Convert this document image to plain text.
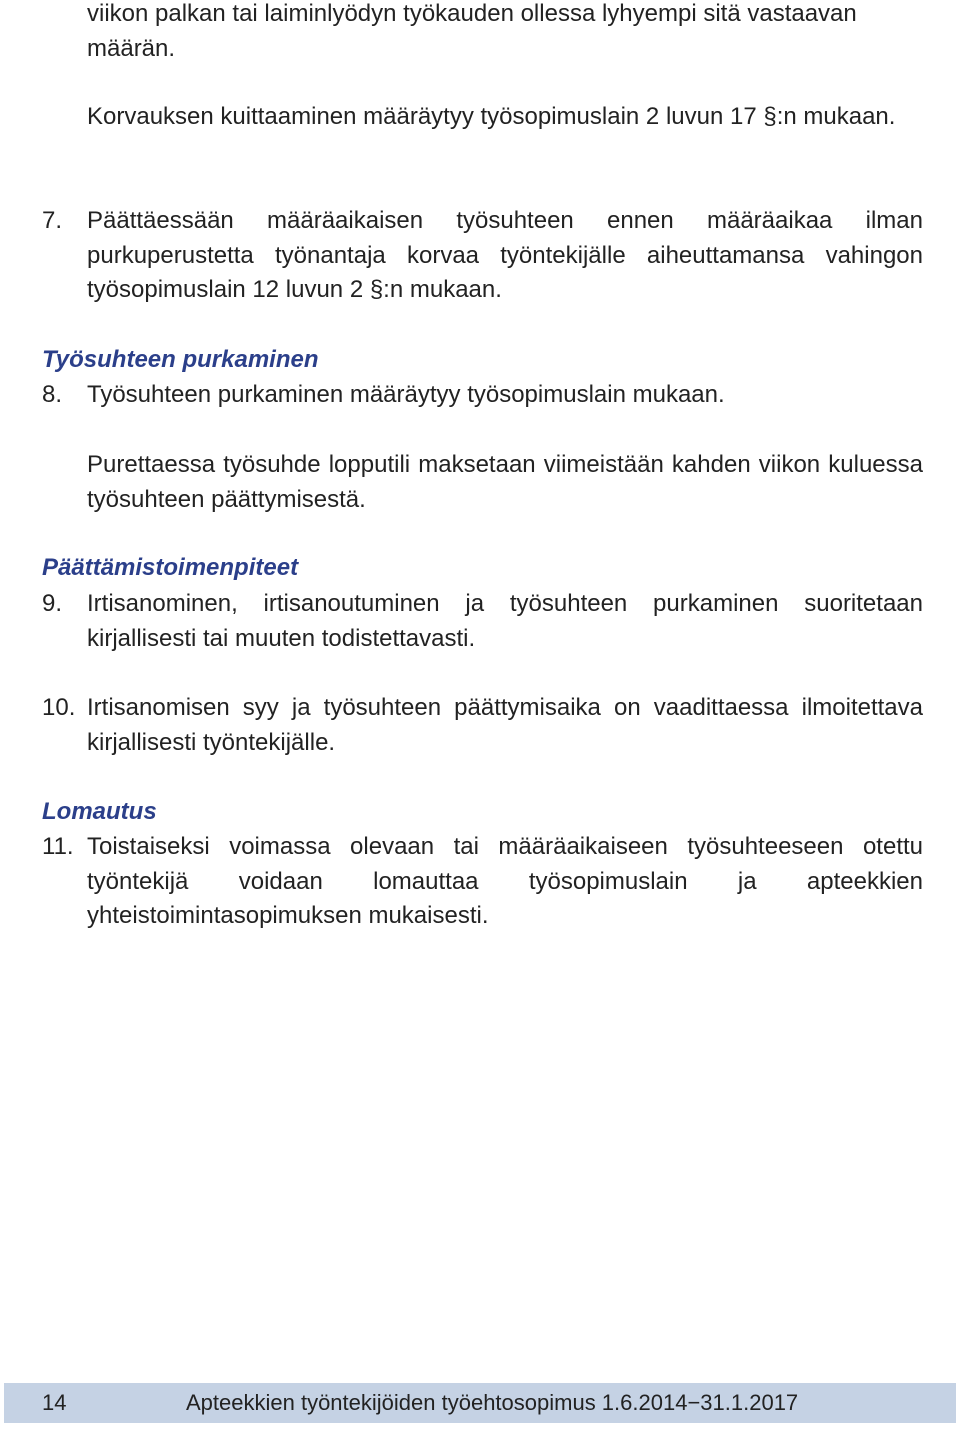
viikon palkan tai laiminlyödyn työkauden ollessa lyhyempi sitä vastaavan määrän.

Korvauksen kuittaaminen määräytyy työsopimuslain 2 luvun 17 §:n mukaan.

7. Päättäessään määräaikaisen työsuhteen ennen määräaikaa ilman purkuperustetta työnantaja korvaa työntekijälle aiheuttamansa vahingon työsopimuslain 12 luvun 2 §:n mukaan.

Työsuhteen purkaminen
8. Työsuhteen purkaminen määräytyy työsopimuslain mukaan.

Purettaessa työsuhde lopputili maksetaan viimeistään kahden viikon kuluessa työsuhteen päättymisestä.

Päättämistoimenpiteet
9. Irtisanominen, irtisanoutuminen ja työsuhteen purkaminen suoritetaan kirjallisesti tai muuten todistettavasti.

10. Irtisanomisen syy ja työsuhteen päättymisaika on vaadittaessa ilmoitettava kirjallisesti työntekijälle.

Lomautus
11. Toistaiseksi voimassa olevaan tai määräaikaiseen työsuhteeseen otettu työntekijä voidaan lomauttaa työsopimuslain ja apteekkien yhteistoimintasopimuksen mukaisesti.

14	Apteekkien työntekijöiden työehtosopimus 1.6.2014−31.1.2017
